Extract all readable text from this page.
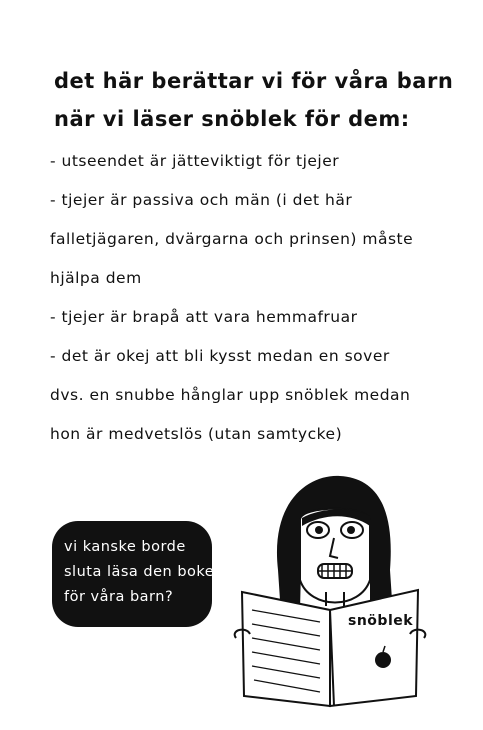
det här berättar vi för våra barn
när vi läser snöblek för dem:
- utseendet är jätteviktigt för tjejer
- tjejer är passiva och män (i det här
falletjägaren, dvärgarna och prinsen) måste
hjälpa dem
- tjejer är brapå att vara hemmafruar
- det är okej att bli kysst medan en sover
dvs. en snubbe hånglar upp snöblek medan
hon är medvetslös (utan samtycke)
vi kanske borde
sluta läsa den boken
för våra barn?
snöblek
